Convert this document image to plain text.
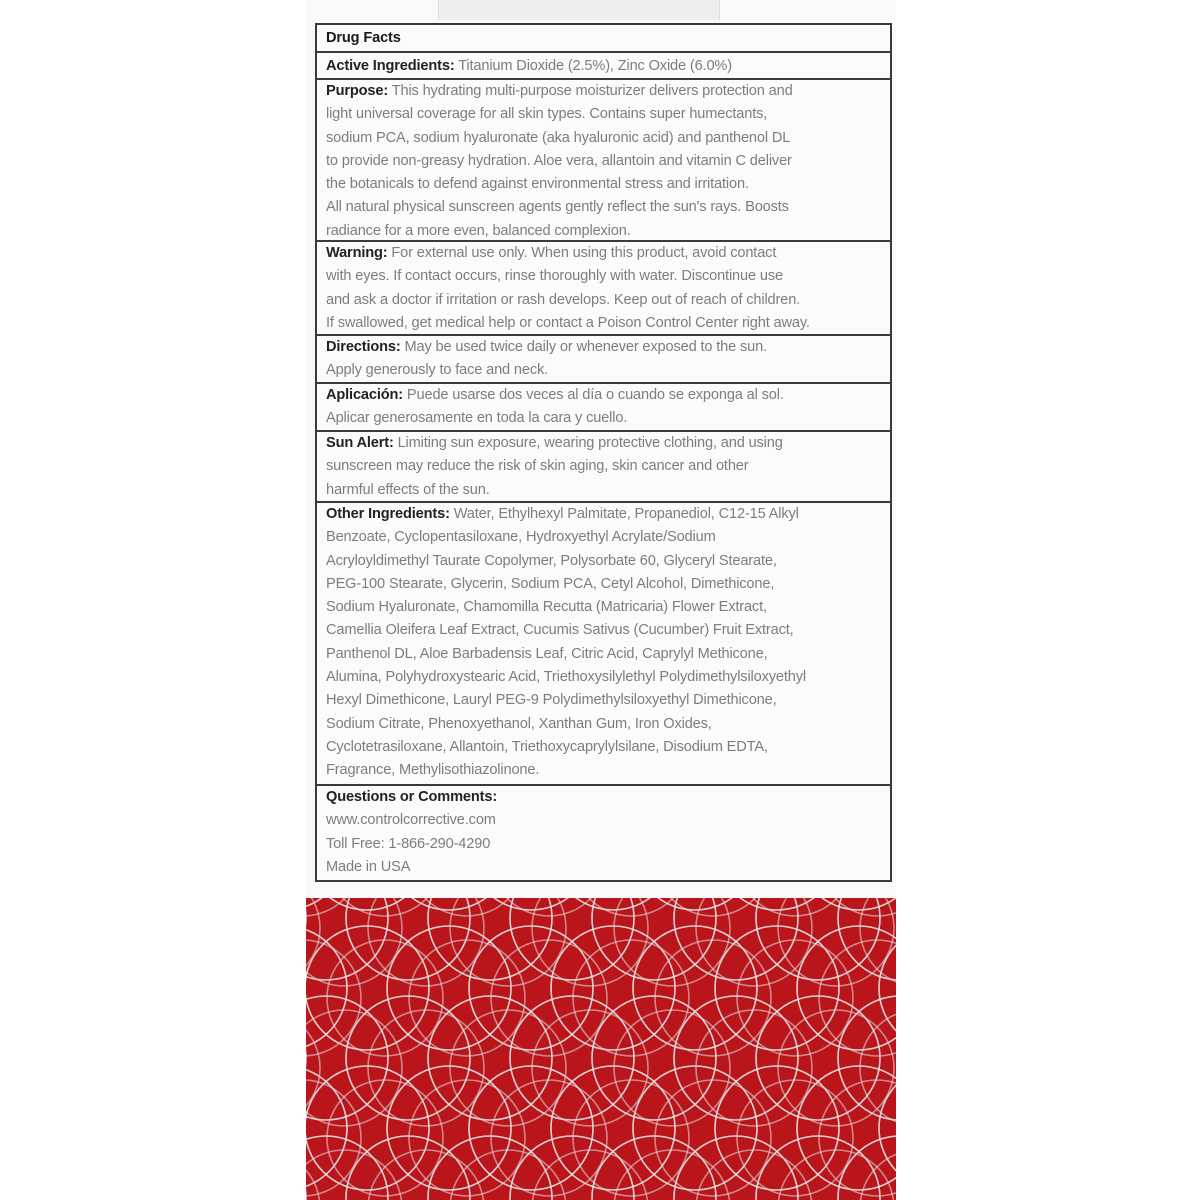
Drug Facts
Active Ingredients: Titanium Dioxide (2.5%), Zinc Oxide (6.0%)
Purpose: This hydrating multi-purpose moisturizer delivers protection and
light universal coverage for all skin types. Contains super humectants,
sodium PCA, sodium hyaluronate (aka hyaluronic acid) and panthenol DL
to provide non-greasy hydration. Aloe vera, allantoin and vitamin C deliver
the botanicals to defend against environmental stress and irritation.
All natural physical sunscreen agents gently reflect the sun's rays. Boosts
radiance for a more even, balanced complexion.
Warning: For external use only. When using this product, avoid contact
with eyes. If contact occurs, rinse thoroughly with water. Discontinue use
and ask a doctor if irritation or rash develops. Keep out of reach of children.
If swallowed, get medical help or contact a Poison Control Center right away.
Directions: May be used twice daily or whenever exposed to the sun.
Apply generously to face and neck.
Aplicación: Puede usarse dos veces al día o cuando se exponga al sol.
Aplicar generosamente en toda la cara y cuello.
Sun Alert: Limiting sun exposure, wearing protective clothing, and using
sunscreen may reduce the risk of skin aging, skin cancer and other
harmful effects of the sun.
Other Ingredients: Water, Ethylhexyl Palmitate, Propanediol, C12-15 Alkyl
Benzoate, Cyclopentasiloxane, Hydroxyethyl Acrylate/Sodium
Acryloyldimethyl Taurate Copolymer, Polysorbate 60, Glyceryl Stearate,
PEG-100 Stearate, Glycerin, Sodium PCA, Cetyl Alcohol, Dimethicone,
Sodium Hyaluronate, Chamomilla Recutta (Matricaria) Flower Extract,
Camellia Oleifera Leaf Extract, Cucumis Sativus (Cucumber) Fruit Extract,
Panthenol DL, Aloe Barbadensis Leaf, Citric Acid, Caprylyl Methicone,
Alumina, Polyhydroxystearic Acid, Triethoxysilylethyl Polydimethylsiloxyethyl
Hexyl Dimethicone, Lauryl PEG-9 Polydimethylsiloxyethyl Dimethicone,
Sodium Citrate, Phenoxyethanol, Xanthan Gum, Iron Oxides,
Cyclotetrasiloxane, Allantoin, Triethoxycaprylylsilane, Disodium EDTA,
Fragrance, Methylisothiazolinone.
Questions or Comments:
www.controlcorrective.com
Toll Free: 1-866-290-4290
Made in USA
